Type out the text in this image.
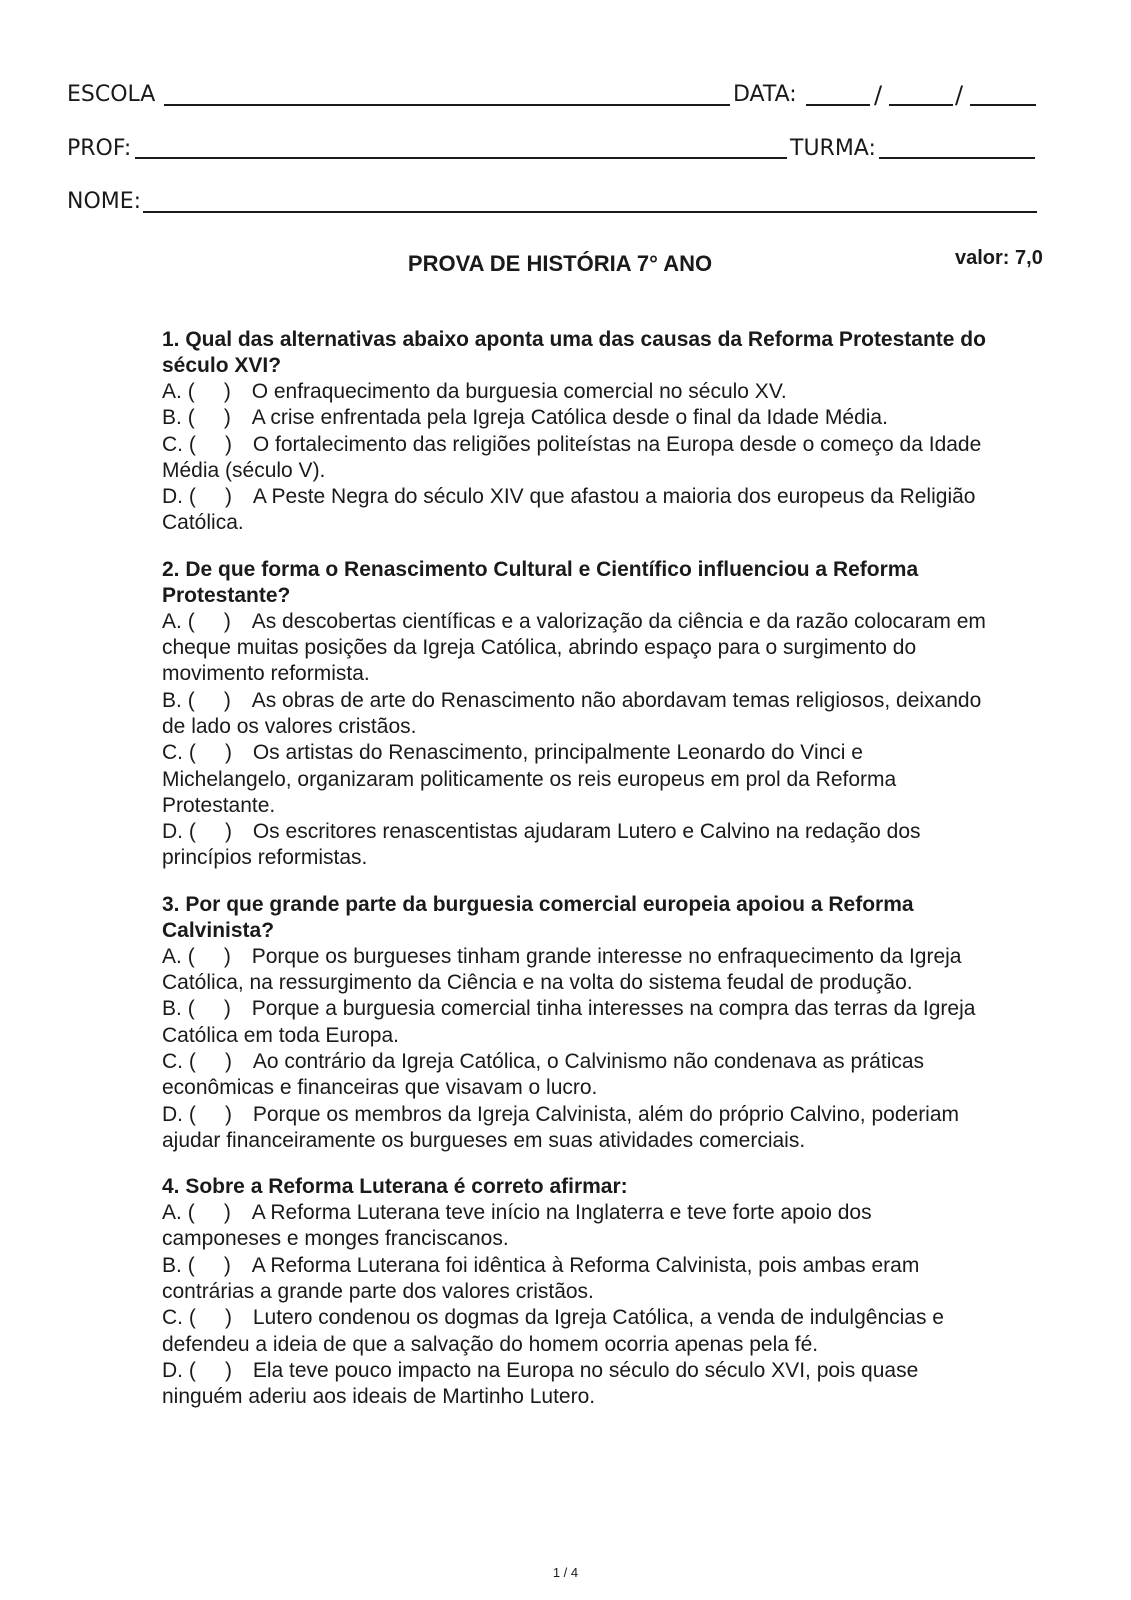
ESCOLA	DATA:	/	/
PROF:	TURMA:
NOME:
PROVA DE HISTÓRIA 7° ANO	valor: 7,0
1. Qual das alternativas abaixo aponta uma das causas da Reforma Protestante do século XVI?
A. (     ) O enfraquecimento da burguesia comercial no século XV.
B. (     ) A crise enfrentada pela Igreja Católica desde o final da Idade Média.
C. (     ) O fortalecimento das religiões politeístas na Europa desde o começo da Idade Média (século V).
D. (     ) A Peste Negra do século XIV que afastou a maioria dos europeus da Religião Católica.
2. De que forma o Renascimento Cultural e Científico influenciou a Reforma Protestante?
A. (     ) As descobertas científicas e a valorização da ciência e da razão colocaram em cheque muitas posições da Igreja Católica, abrindo espaço para o surgimento do movimento reformista.
B. (     ) As obras de arte do Renascimento não abordavam temas religiosos, deixando de lado os valores cristãos.
C. (     ) Os artistas do Renascimento, principalmente Leonardo do Vinci e Michelangelo, organizaram politicamente os reis europeus em prol da Reforma Protestante.
D. (     ) Os escritores renascentistas ajudaram Lutero e Calvino na redação dos princípios reformistas.
3. Por que grande parte da burguesia comercial europeia apoiou a Reforma Calvinista?
A. (     ) Porque os burgueses tinham grande interesse no enfraquecimento da Igreja Católica, na ressurgimento da Ciência e na volta do sistema feudal de produção.
B. (     ) Porque a burguesia comercial tinha interesses na compra das terras da Igreja Católica em toda Europa.
C. (     ) Ao contrário da Igreja Católica, o Calvinismo não condenava as práticas econômicas e financeiras que visavam o lucro.
D. (     ) Porque os membros da Igreja Calvinista, além do próprio Calvino, poderiam ajudar financeiramente os burgueses em suas atividades comerciais.
4. Sobre a Reforma Luterana é correto afirmar:
A. (     ) A Reforma Luterana teve início na Inglaterra e teve forte apoio dos camponeses e monges franciscanos.
B. (     ) A Reforma Luterana foi idêntica à Reforma Calvinista, pois ambas eram contrárias a grande parte dos valores cristãos.
C. (     ) Lutero condenou os dogmas da Igreja Católica, a venda de indulgências e defendeu a ideia de que a salvação do homem ocorria apenas pela fé.
D. (     ) Ela teve pouco impacto na Europa no século do século XVI, pois quase ninguém aderiu aos ideais de Martinho Lutero.
1 / 4
